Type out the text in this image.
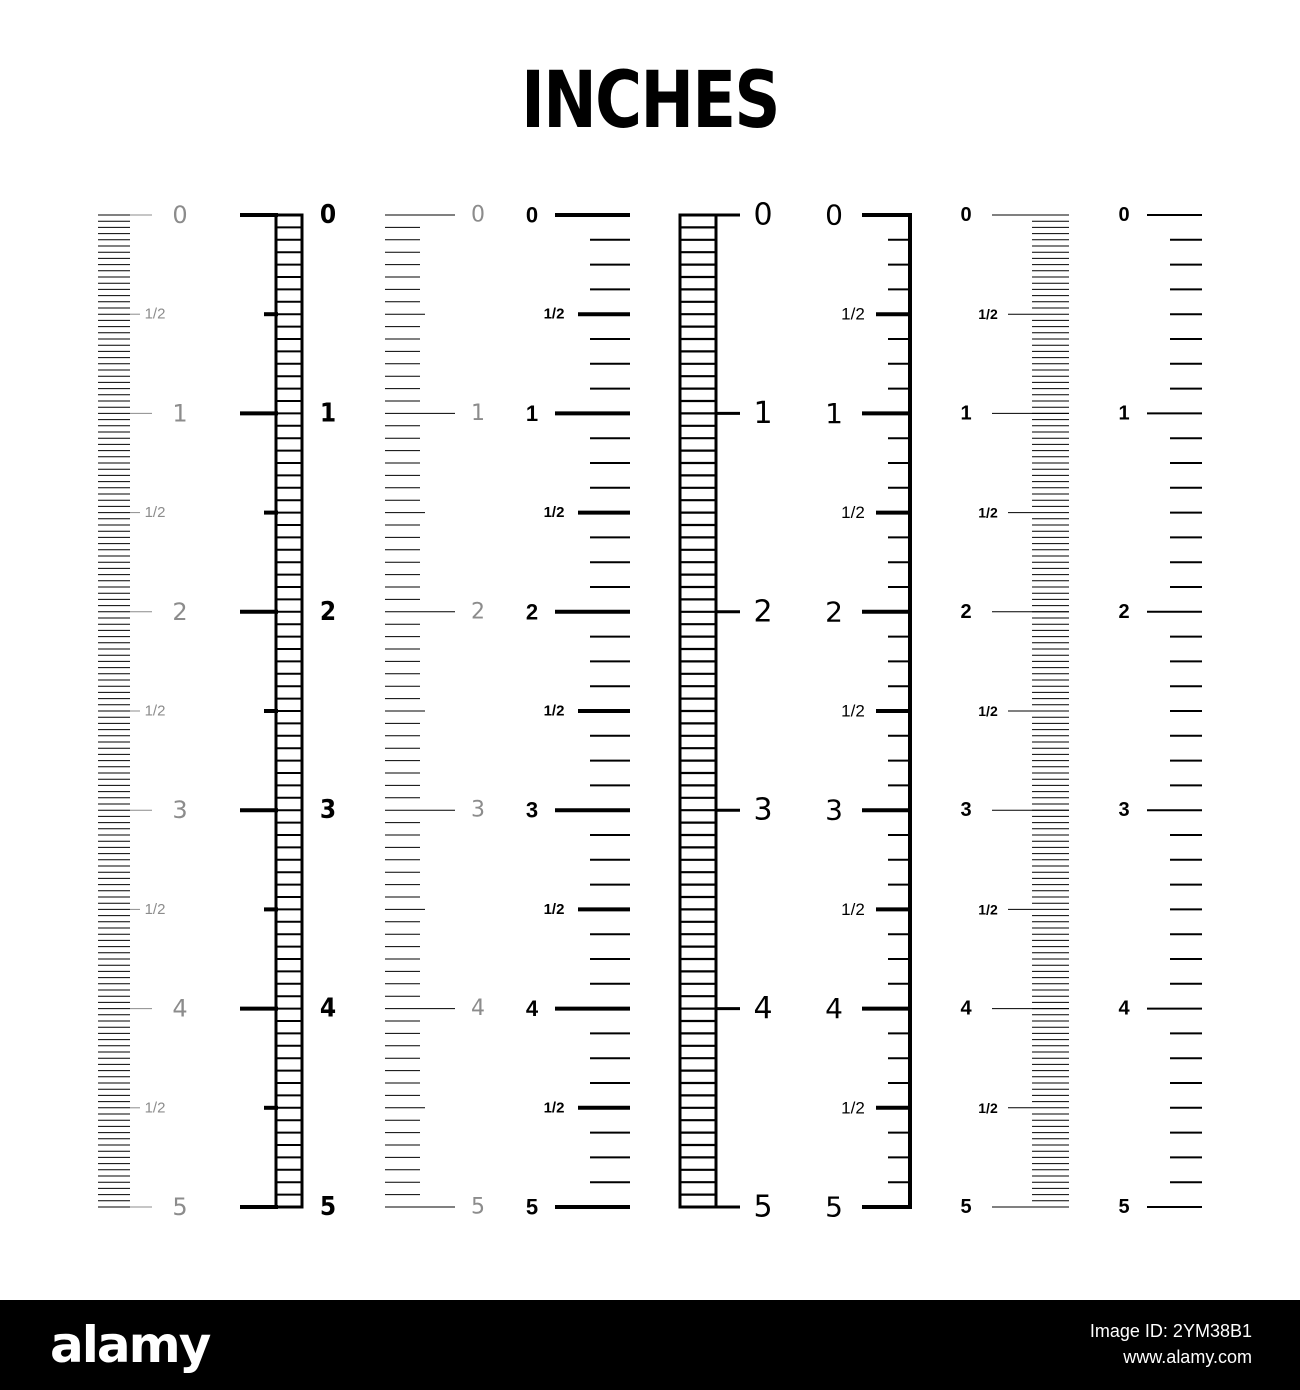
INCHES
0
1/2
1
1/2
2
1/2
3
1/2
4
1/2
5
0
1
2
3
4
5
0
1
2
3
4
5
0
1/2
1
1/2
2
1/2
3
1/2
4
1/2
5
0
1
2
3
4
5
0
1/2
1
1/2
2
1/2
3
1/2
4
1/2
5
0
1/2
1
1/2
2
1/2
3
1/2
4
1/2
5
0
1
2
3
4
5
alamy	Image ID: 2YM38B1
www.alamy.com
